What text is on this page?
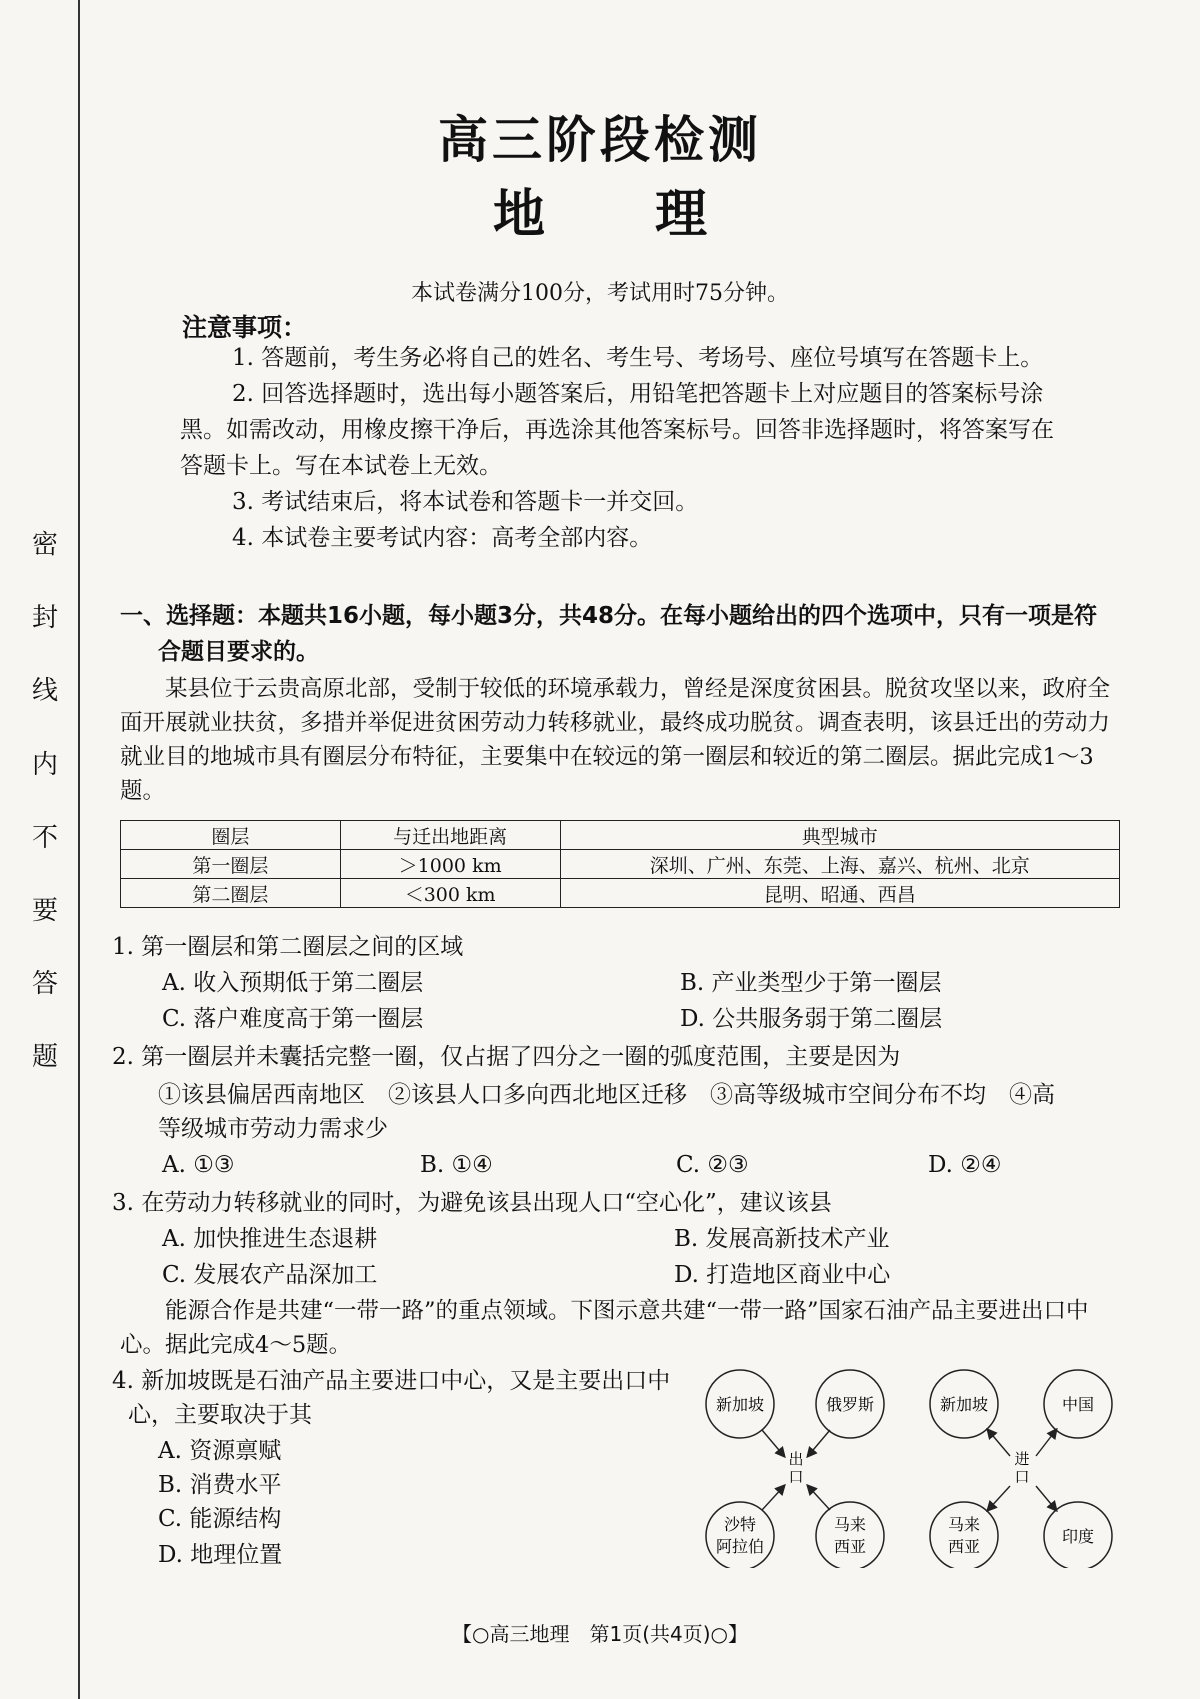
密
封
线
内
不
要
答
题
高三阶段检测
地 理
本试卷满分100分，考试用时75分钟。
注意事项：

1. 答题前，考生务必将自己的姓名、考生号、考场号、座位号填写在答题卡上。

2. 回答选择题时，选出每小题答案后，用铅笔把答题卡上对应题目的答案标号涂

黑。如需改动，用橡皮擦干净后，再选涂其他答案标号。回答非选择题时，将答案写在

答题卡上。写在本试卷上无效。

3. 考试结束后，将本试卷和答题卡一并交回。

4. 本试卷主要考试内容：高考全部内容。

一、选择题：本题共16小题，每小题3分，共48分。在每小题给出的四个选项中，只有一项是符

合题目要求的。

某县位于云贵高原北部，受制于较低的环境承载力，曾经是深度贫困县。脱贫攻坚以来，政府全面开展就业扶贫，多措并举促进贫困劳动力转移就业，最终成功脱贫。调查表明，该县迁出的劳动力就业目的地城市具有圈层分布特征，主要集中在较远的第一圈层和较近的第二圈层。据此完成1～3题。

圈层	与迁出地距离	典型城市
第一圈层	＞1000 km	深圳、广州、东莞、上海、嘉兴、杭州、北京
第二圈层	＜300 km	昆明、昭通、西昌
1. 第一圈层和第二圈层之间的区域
A. 收入预期低于第二圈层	B. 产业类型少于第一圈层
C. 落户难度高于第一圈层	D. 公共服务弱于第二圈层
2. 第一圈层并未囊括完整一圈，仅占据了四分之一圈的弧度范围，主要是因为
①该县偏居西南地区　②该县人口多向西北地区迁移　③高等级城市空间分布不均　④高
等级城市劳动力需求少
A. ①③	B. ①④	C. ②③	D. ②④
3. 在劳动力转移就业的同时，为避免该县出现人口“空心化”，建议该县
A. 加快推进生态退耕	B. 发展高新技术产业
C. 发展农产品深加工	D. 打造地区商业中心

能源合作是共建“一带一路”的重点领域。下图示意共建“一带一路”国家石油产品主要进出口中心。据此完成4～5题。

4. 新加坡既是石油产品主要进口中心，又是主要出口中
心，主要取决于其
A. 资源禀赋
B. 消费水平
C. 能源结构
D. 地理位置
新加坡	俄罗斯
沙特
阿拉伯
马来
西亚
出
口
新加坡	中国
马来
西亚
印度
进
口
【○高三地理　第1页(共4页)○】
